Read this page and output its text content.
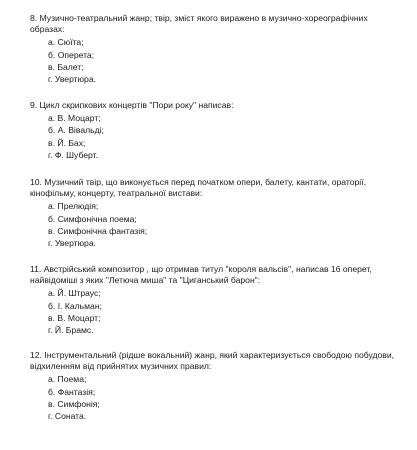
8. Музично-театральний жанр; твір, зміст якого виражено в музично-хореографічних образах:

а. Сюїта;
б. Оперета;
в. Балет;
г. Увертюра.

9. Цикл скрипкових концертів "Пори року" написав:

а. В. Моцарт;
б. А. Вівальді;
в. Й. Бах;
г. Ф. Шуберт.

10. Музичний твір, що виконується перед початком опери, балету, кантати, ораторії, кінофільму, концерту, театральної вистави:

а. Прелюдія;
б. Симфонічна поема;
в. Симфонічна фантазія;
г. Увертюра.

11. Австрійський композитор , що отримав титул "короля вальсів", написав 16 оперет, найвідоміші з яких "Летюча миша" та "Циганський барон":

а. Й. Штраус;
б. І. Кальман;
в. В. Моцарт;
г. Й. Брамс.

12. Інструментальний (рідше вокальний) жанр, який характеризується свободою побудови, відхиленням від прийнятих музичних правил:

а. Поема;
б. Фантазія;
в. Симфонія;
г. Соната.
